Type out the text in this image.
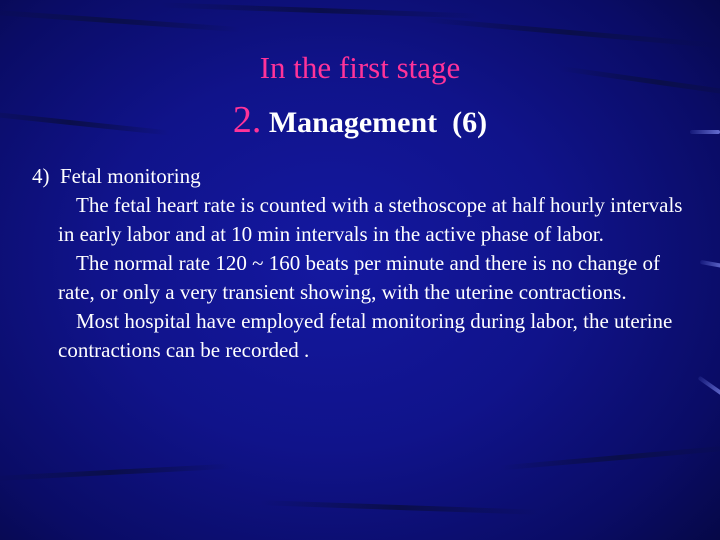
In the first stage
2. Management  (6)
4)  Fetal monitoring
The fetal heart rate is counted with a stethoscope at half hourly intervals in early labor and at 10 min intervals in the active phase of labor.
The normal rate 120 ~ 160 beats per minute and there is no change of rate, or only a very transient showing, with the uterine contractions.
Most hospital have employed fetal monitoring during labor, the uterine contractions can be recorded .
